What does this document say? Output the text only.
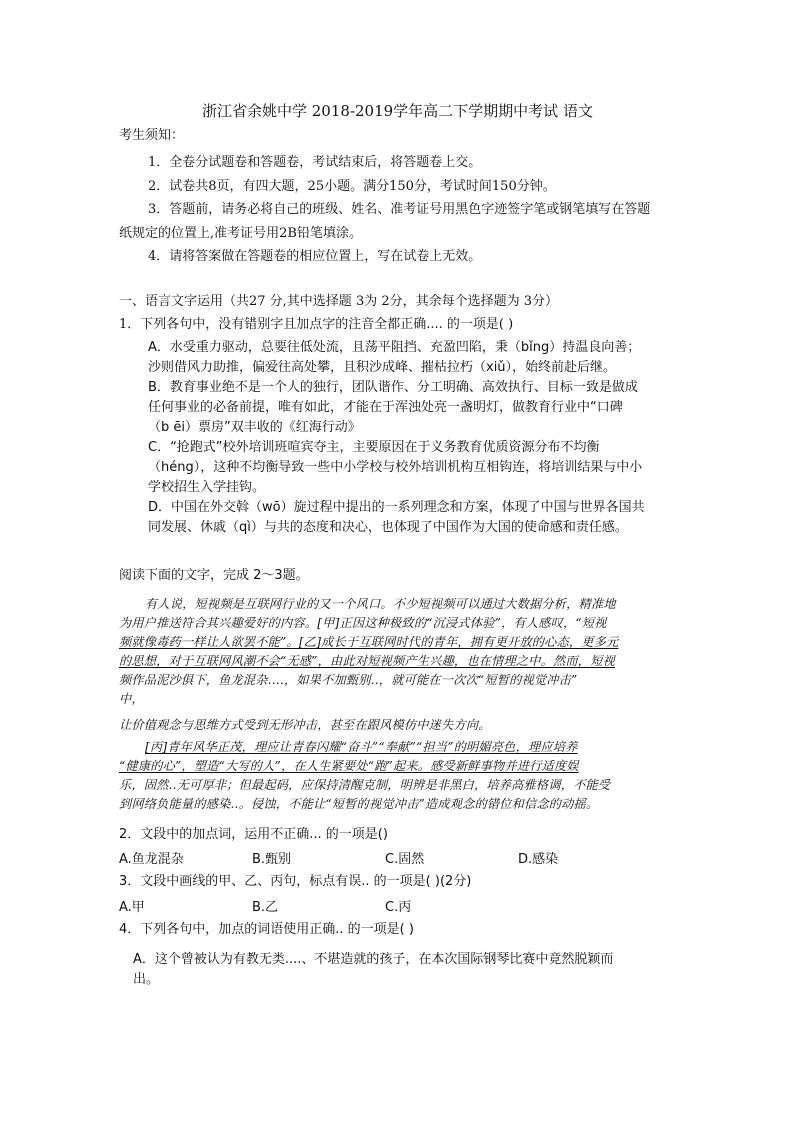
浙江省余姚中学 2018-2019学年高二下学期期中考试 语文
考生须知：
1．全卷分试题卷和答题卷，考试结束后，将答题卷上交。
2．试卷共8页，有四大题，25小题。满分150分，考试时间150分钟。
3．答题前，请务必将自己的班级、姓名、准考证号用黑色字迹签字笔或钢笔填写在答题
纸规定的位置上,准考证号用2B铅笔填涂。
4．请将答案做在答题卷的相应位置上，写在试卷上无效。
一、语言文字运用（共27 分,其中选择题 3为 2分，其余每个选择题为 3分）
1．下列各句中，没有错别字且加点字的注音全都正确.... 的一项是( )
A．水受重力驱动，总要往低处流，且荡平阻挡、充盈凹陷，秉（bǐng）持温良向善；
沙则借风力助推，偏爱往高处攀，且积沙成峰、摧枯拉朽（xiǔ），始终前赴后继。
B．教育事业绝不是一个人的独行，团队谐作、分工明确、高效执行、目标一致是做成
任何事业的必备前提，唯有如此，才能在于浑浊处亮一盏明灯，做教育行业中“口碑
（b ēi）票房”双丰收的《红海行动》
C．“抢跑式”校外培训班喧宾夺主，主要原因在于义务教育优质资源分布不均衡
（héng），这种不均衡导致一些中小学校与校外培训机构互相钩连，将培训结果与中小
学校招生入学挂钩。
D．中国在外交斡（wō）旋过程中提出的一系列理念和方案，体现了中国与世界各国共
同发展、休戚（qì）与共的态度和决心，也体现了中国作为大国的使命感和责任感。
阅读下面的文字，完成 2～3题。
有人说，短视频是互联网行业的又一个风口。不少短视频可以通过大数据分析，精准地
为用户推送符合其兴趣爱好的内容。[甲]正因这种极致的“沉浸式体验”，有人感叹，“短视
频就像毒药一样让人欲罢不能”。[乙]成长于互联网时代的青年，拥有更开放的心态，更多元
的思想，对于互联网风潮不会“无感”，由此对短视频产生兴趣，也在情理之中。然而，短视
频作品泥沙俱下，鱼龙混杂....，如果不加甄别..，就可能在一次次“短暂的视觉冲击”
中，
让价值观念与思维方式受到无形冲击，甚至在跟风模仿中迷失方向。
[丙]青年风华正茂，理应让青春闪耀“奋斗”“奉献”“担当”的明媚亮色，理应培养
“健康的心”，塑造“大写的人”，在人生紧要处“跑”起来。感受新鲜事物并进行适度娱
乐，固然..无可厚非；但最起码，应保持清醒克制，明辨是非黑白，培养高雅格调，不能受
到网络负能量的感染..。侵蚀，不能让“短暂的视觉冲击”造成观念的错位和信念的动摇。
2．文段中的加点词，运用不正确... 的一项是()
A.鱼龙混杂	B.甄别	C.固然	D.感染
3．文段中画线的甲、乙、丙句，标点有误.. 的一项是( )(2分)
A.甲	B.乙	C.丙
4．下列各句中，加点的词语使用正确.. 的一项是( )
A．这个曾被认为有教无类....、不堪造就的孩子，在本次国际钢琴比赛中竟然脱颖而
出。
